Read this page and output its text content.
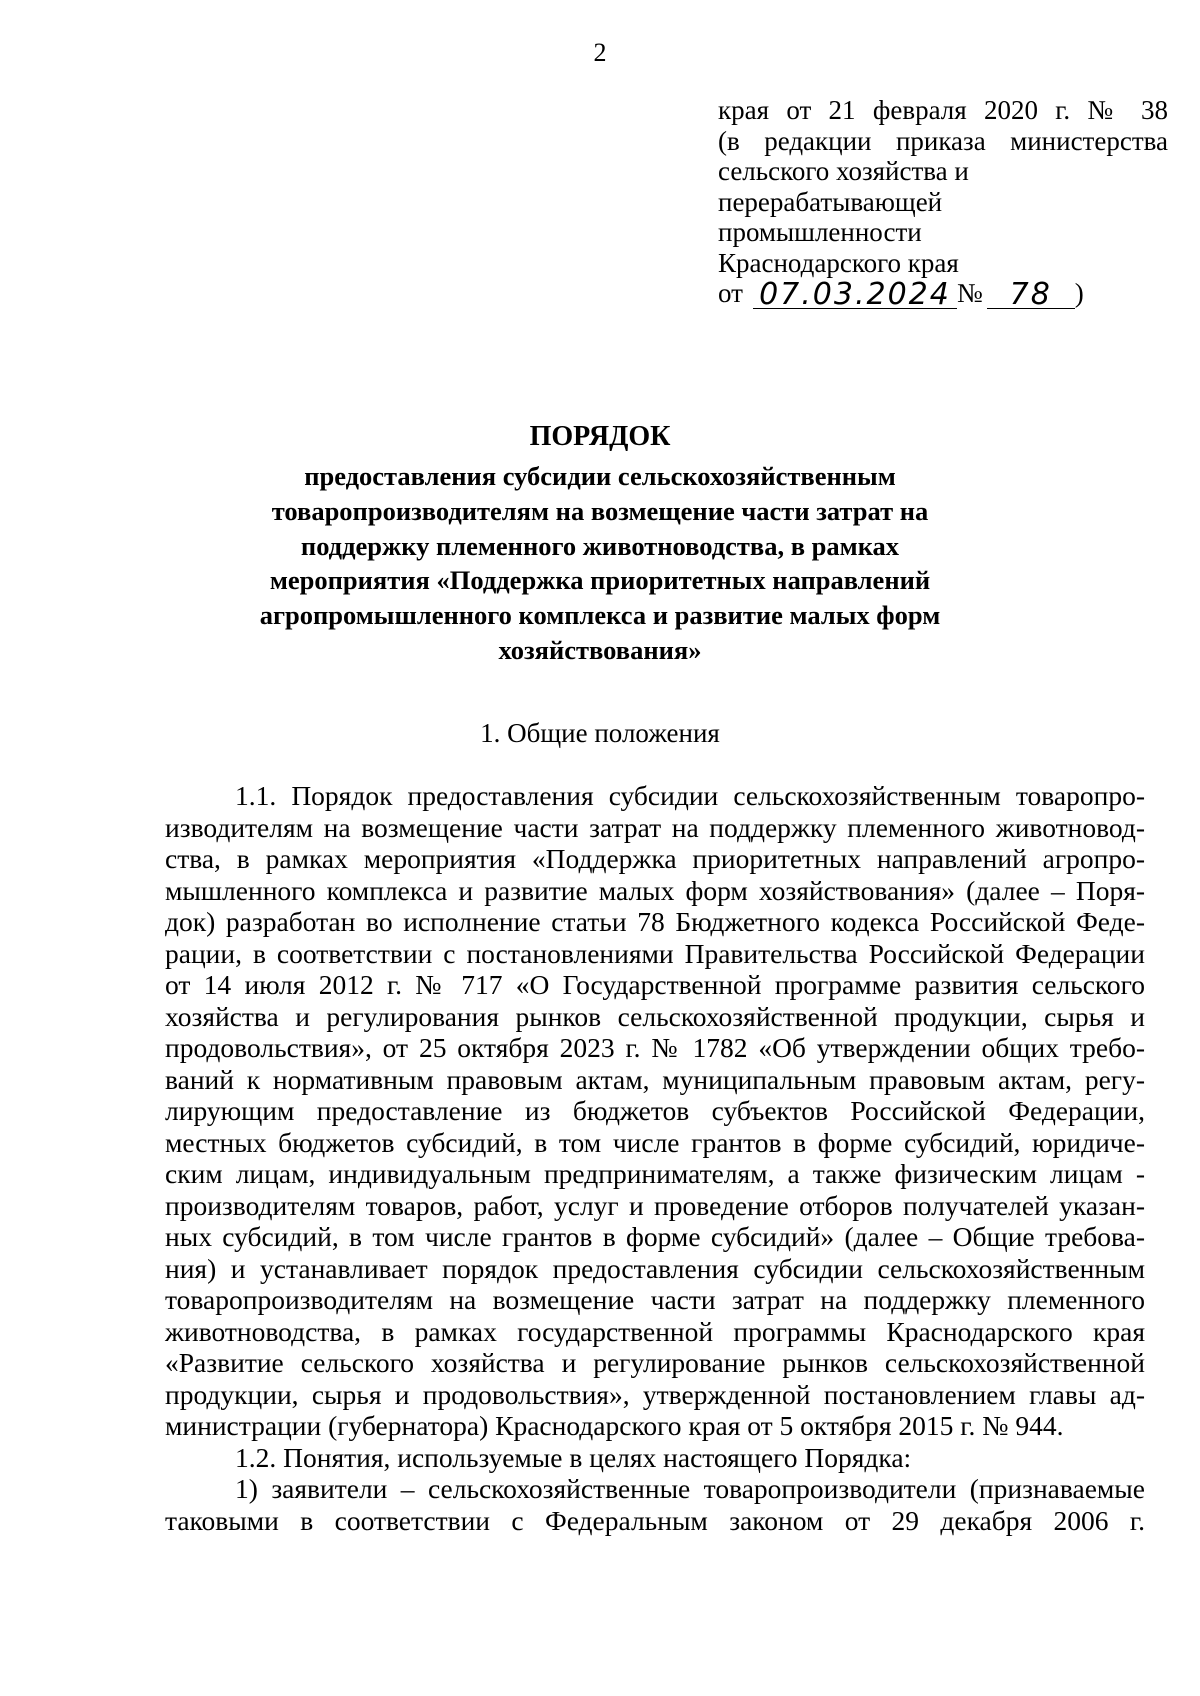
2
края от 21 февраля 2020 г. № 38
(в редакции приказа министерства
сельского хозяйства и
перерабатывающей
промышленности
Краснодарского края
от 07.03.2024 № 78 )
ПОРЯДОК
предоставления субсидии сельскохозяйственным товаропроизводителям на возмещение части затрат на поддержку племенного животноводства, в рамках мероприятия «Поддержка приоритетных направлений агропромышленного комплекса и развитие малых форм хозяйствования»
1. Общие положения
1.1. Порядок предоставления субсидии сельскохозяйственным товаропро-
изводителям на возмещение части затрат на поддержку племенного животновод-
ства, в рамках мероприятия «Поддержка приоритетных направлений агропро-
мышленного комплекса и развитие малых форм хозяйствования» (далее – Поря-
док) разработан во исполнение статьи 78 Бюджетного кодекса Российской Феде-
рации, в соответствии с постановлениями Правительства Российской Федерации
от 14 июля 2012 г. № 717 «О Государственной программе развития сельского
хозяйства и регулирования рынков сельскохозяйственной продукции, сырья и
продовольствия», от 25 октября 2023 г. № 1782 «Об утверждении общих требо-
ваний к нормативным правовым актам, муниципальным правовым актам, регу-
лирующим предоставление из бюджетов субъектов Российской Федерации,
местных бюджетов субсидий, в том числе грантов в форме субсидий, юридиче-
ским лицам, индивидуальным предпринимателям, а также физическим лицам -
производителям товаров, работ, услуг и проведение отборов получателей указан-
ных субсидий, в том числе грантов в форме субсидий» (далее – Общие требова-
ния) и устанавливает порядок предоставления субсидии сельскохозяйственным
товаропроизводителям на возмещение части затрат на поддержку племенного
животноводства, в рамках государственной программы Краснодарского края
«Развитие сельского хозяйства и регулирование рынков сельскохозяйственной
продукции, сырья и продовольствия», утвержденной постановлением главы ад-
министрации (губернатора) Краснодарского края от 5 октября 2015 г. № 944.
1.2. Понятия, используемые в целях настоящего Порядка:
1) заявители – сельскохозяйственные товаропроизводители (признаваемые
таковыми в соответствии с Федеральным законом от 29 декабря 2006 г.
